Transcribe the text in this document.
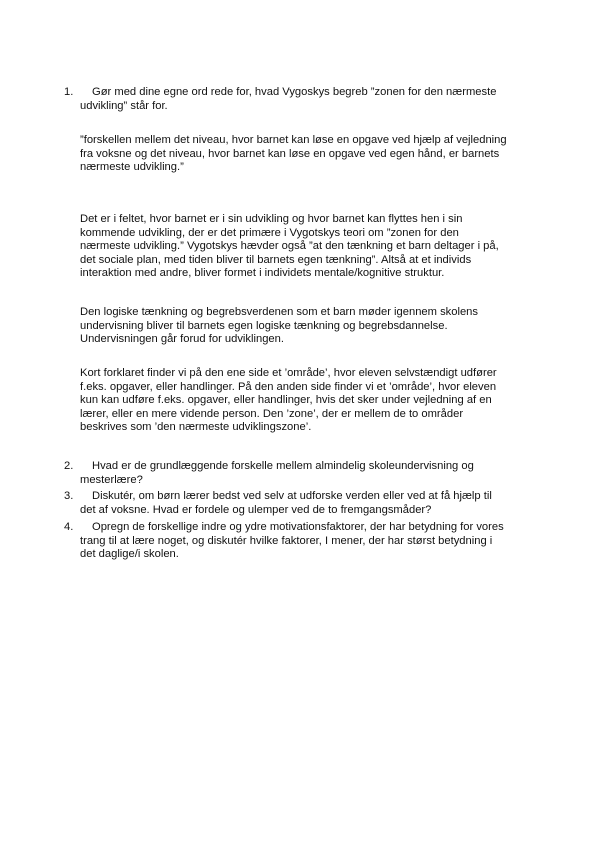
1.	Gør med dine egne ord rede for, hvad Vygoskys begreb ”zonen for den nærmeste
udvikling” står for.
”forskellen mellem det niveau, hvor barnet kan løse en opgave ved hjælp af vejledning
fra voksne og det niveau, hvor barnet kan løse en opgave ved egen hånd, er barnets
nærmeste udvikling.”
Det er i feltet, hvor barnet er i sin udvikling og hvor barnet kan flyttes hen i sin
kommende udvikling, der er det primære i Vygotskys teori om ”zonen for den
nærmeste udvikling.” Vygotskys hævder også ”at den tænkning et barn deltager i på,
det sociale plan, med tiden bliver til barnets egen tænkning”. Altså at et individs
interaktion med andre, bliver formet i individets mentale/kognitive struktur.
Den logiske tænkning og begrebsverdenen som et barn møder igennem skolens
undervisning bliver til barnets egen logiske tænkning og begrebsdannelse.
Undervisningen går forud for udviklingen.
Kort forklaret finder vi på den ene side et ’område’, hvor eleven selvstændigt udfører
f.eks. opgaver, eller handlinger. På den anden side finder vi et ’område’, hvor eleven
kun kan udføre f.eks. opgaver, eller handlinger, hvis det sker under vejledning af en
lærer, eller en mere vidende person. Den ’zone’, der er mellem de to områder
beskrives som ’den nærmeste udviklingszone’.
2.	Hvad er de grundlæggende forskelle mellem almindelig skoleundervisning og
mesterlære?
3.	Diskutér, om børn lærer bedst ved selv at udforske verden eller ved at få hjælp til
det af voksne. Hvad er fordele og ulemper ved de to fremgangsmåder?
4.	Opregn de forskellige indre og ydre motivationsfaktorer, der har betydning for vores
trang til at lære noget, og diskutér hvilke faktorer, I mener, der har størst betydning i
det daglige/i skolen.
